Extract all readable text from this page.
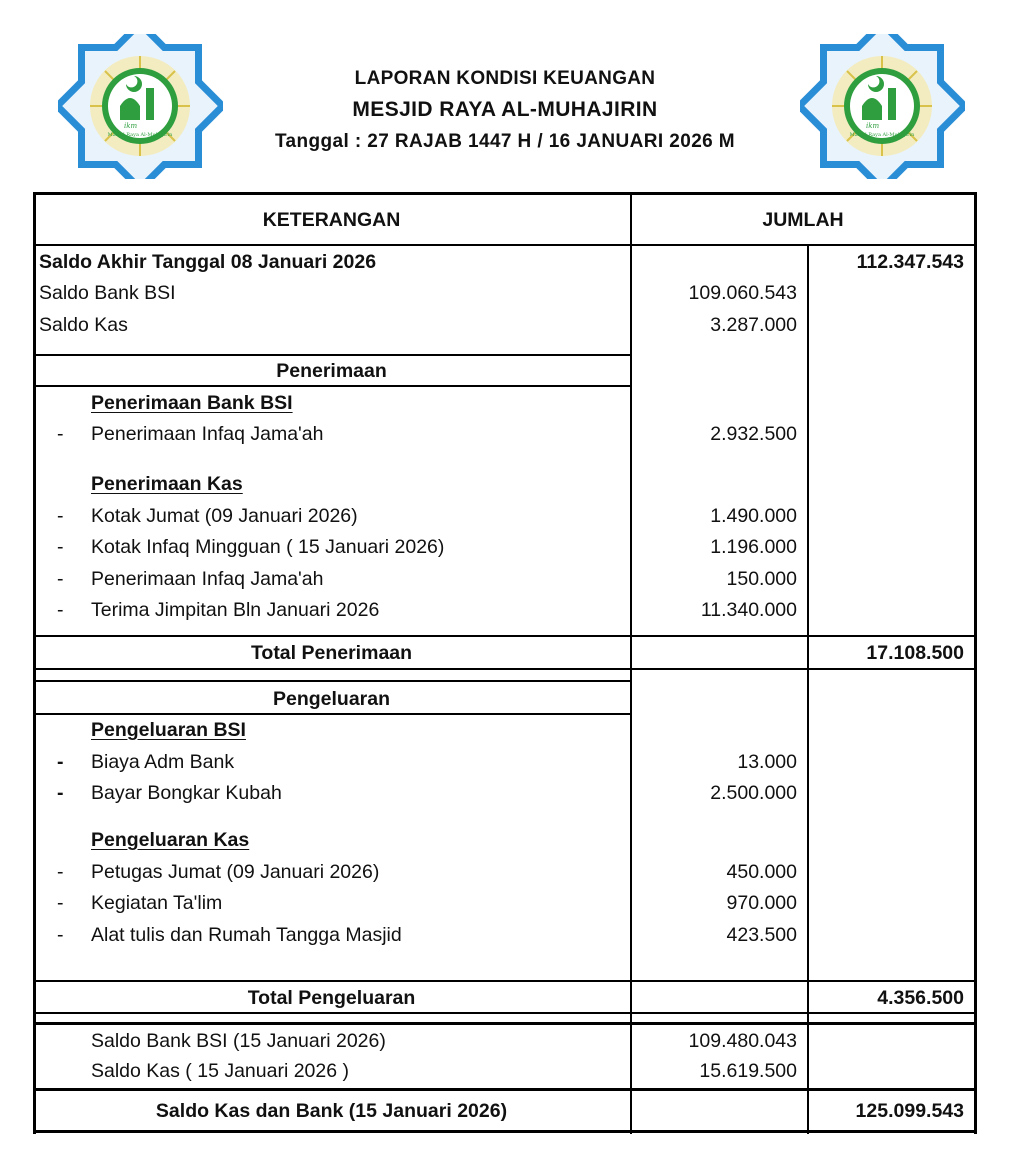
ikm
Masjid Raya Al-Muhajirin
ikm
Masjid Raya Al-Muhajirin
LAPORAN KONDISI KEUANGAN
MESJID RAYA AL-MUHAJIRIN
Tanggal : 27 RAJAB 1447 H / 16 JANUARI 2026 M
KETERANGAN	JUMLAH
Saldo Akhir Tanggal 08 Januari 2026	112.347.543
Saldo Bank BSI	109.060.543
Saldo Kas	3.287.000
Penerimaan
Penerimaan Bank BSI
- Penerimaan Infaq Jama'ah	2.932.500
Penerimaan Kas
- Kotak Jumat (09 Januari 2026)	1.490.000
- Kotak Infaq Mingguan ( 15 Januari 2026)	1.196.000
- Penerimaan Infaq Jama'ah	150.000
- Terima Jimpitan Bln Januari 2026	11.340.000
Total Penerimaan	17.108.500
Pengeluaran
Pengeluaran BSI
- Biaya Adm Bank	13.000
- Bayar Bongkar Kubah	2.500.000
Pengeluaran Kas
- Petugas Jumat (09 Januari 2026)	450.000
- Kegiatan Ta'lim	970.000
- Alat tulis dan Rumah Tangga Masjid	423.500
Total Pengeluaran	4.356.500
Saldo Bank BSI (15 Januari 2026)	109.480.043
Saldo Kas ( 15 Januari 2026 )	15.619.500
Saldo Kas dan Bank (15 Januari 2026)	125.099.543
